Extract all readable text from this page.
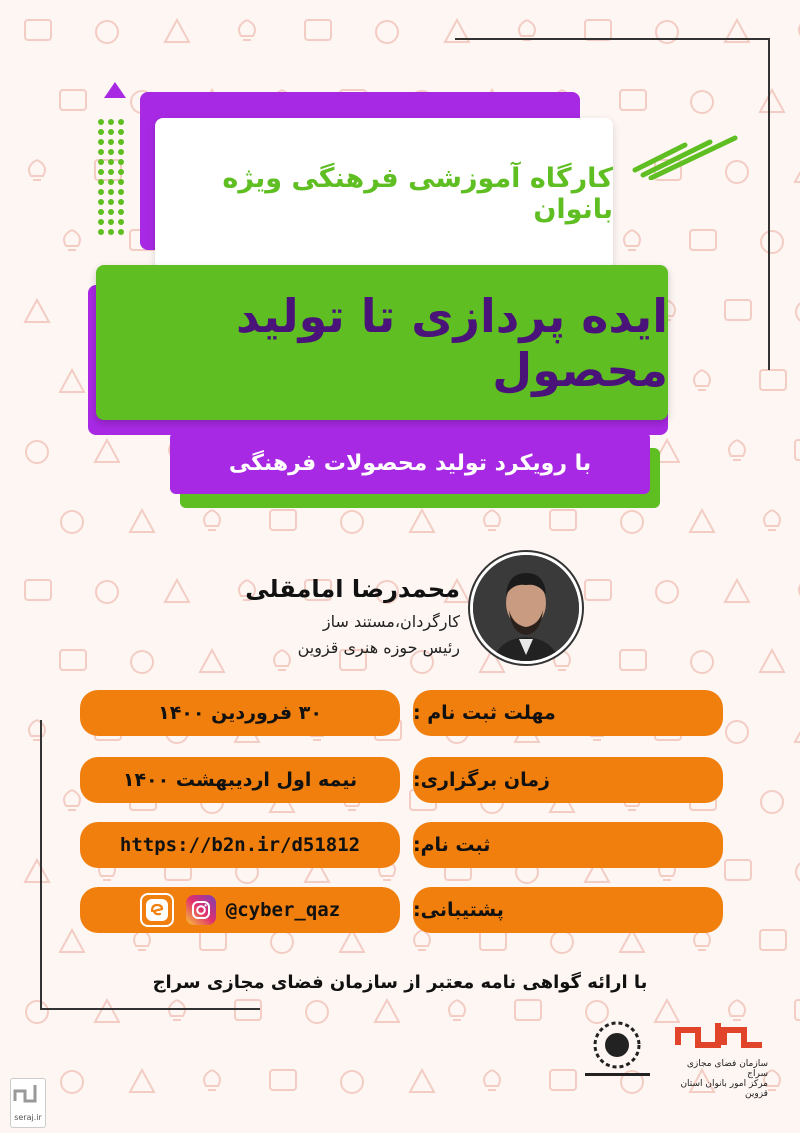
کارگاه آموزشی فرهنگی ویژه بانوان
ایده پردازی تا تولید محصول
با رویکرد تولید محصولات فرهنگی
محمدرضا امامقلی
کارگردان،مستند ساز
رئیس حوزه هنری قزوین
مهلت ثبت نام :
۳۰ فروردین ۱۴۰۰
زمان برگزاری:
نیمه اول اردیبهشت ۱۴۰۰
ثبت نام:
https://b2n.ir/d51812
پشتیبانی:
@cyber_qaz
با ارائه گواهی نامه معتبر از سازمان فضای مجازی سراج
سازمان فضای مجازی سراج
مرکز امور بانوان استان قزوین
seraj.ir
